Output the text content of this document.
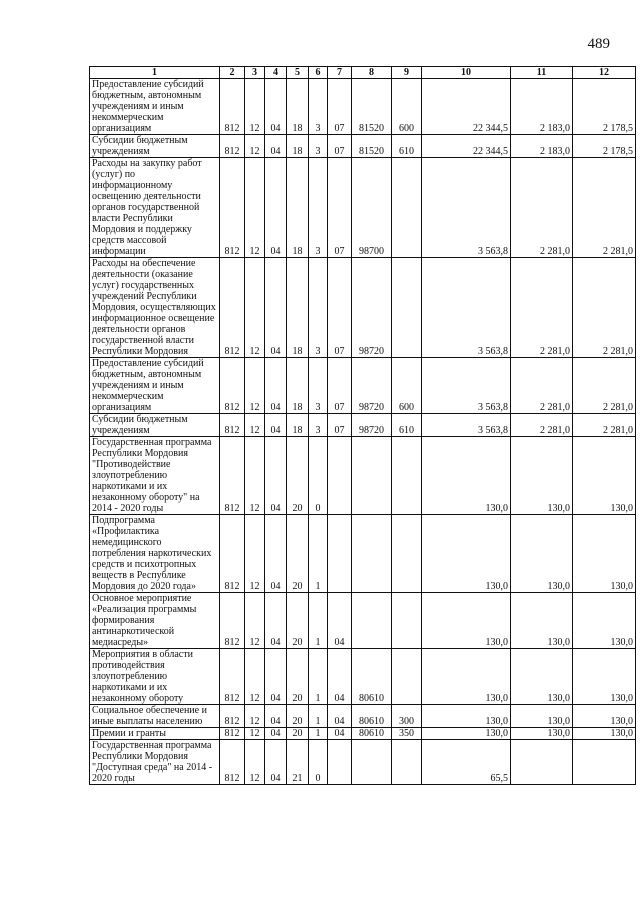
489
1	2	3	4	5	6	7	8	9	10	11	12
Предоставление субсидий бюджетным, автономным учреждениям и иным некоммерческим организациям	812	12	04	18	3	07	81520	600	22 344,5	2 183,0	2 178,5
Субсидии бюджетным учреждениям	812	12	04	18	3	07	81520	610	22 344,5	2 183,0	2 178,5
Расходы на закупку работ (услуг) по информационному освещению деятельности органов государственной власти Республики Мордовия и поддержку средств массовой информации	812	12	04	18	3	07	98700		3 563,8	2 281,0	2 281,0
Расходы на обеспечение деятельности (оказание услуг) государственных учреждений Республики Мордовия, осуществляющих информационное освещение деятельности органов государственной власти Республики Мордовия	812	12	04	18	3	07	98720		3 563,8	2 281,0	2 281,0
Предоставление субсидий бюджетным, автономным учреждениям и иным некоммерческим организациям	812	12	04	18	3	07	98720	600	3 563,8	2 281,0	2 281,0
Субсидии бюджетным учреждениям	812	12	04	18	3	07	98720	610	3 563,8	2 281,0	2 281,0
Государственная программа Республики Мордовия "Противодействие злоупотреблению наркотиками и их незаконному обороту" на 2014 - 2020 годы	812	12	04	20	0				130,0	130,0	130,0
Подпрограмма «Профилактика немедицинского потребления наркотических средств и психотропных веществ в Республике Мордовия до 2020 года»	812	12	04	20	1				130,0	130,0	130,0
Основное мероприятие «Реализация программы формирования антинаркотической медиасреды»	812	12	04	20	1	04			130,0	130,0	130,0
Мероприятия в области противодействия злоупотреблению наркотиками и их незаконному обороту	812	12	04	20	1	04	80610		130,0	130,0	130,0
Социальное обеспечение и иные выплаты населению	812	12	04	20	1	04	80610	300	130,0	130,0	130,0
Премии и гранты	812	12	04	20	1	04	80610	350	130,0	130,0	130,0
Государственная программа Республики Мордовия "Доступная среда" на 2014 - 2020 годы	812	12	04	21	0				65,5		
